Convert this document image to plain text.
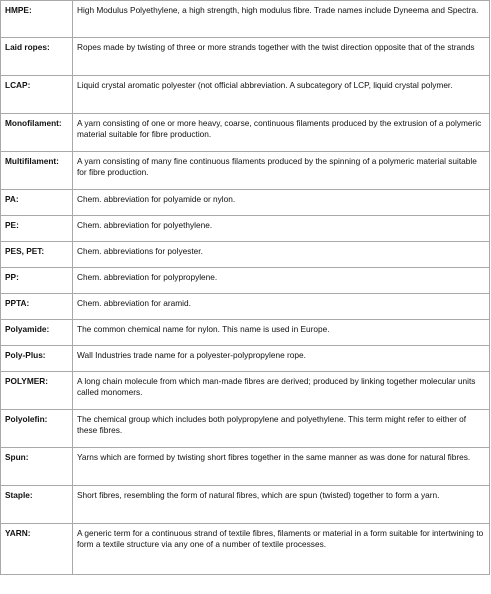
HMPE:	High Modulus Polyethylene, a high strength, high modulus fibre. Trade names include Dyneema and Spectra.
Laid ropes:	Ropes made by twisting of three or more strands together with the twist direction opposite that of the strands
LCAP:	Liquid crystal aromatic polyester (not official abbreviation. A subcategory of LCP, liquid crystal polymer.
Monofilament:	A yarn consisting of one or more heavy, coarse, continuous filaments produced by the extrusion of a polymeric material suitable for fibre production.
Multifilament:	A yarn consisting of many fine continuous filaments produced by the spinning of a polymeric material suitable for fibre production.
PA:	Chem. abbreviation for polyamide or nylon.
PE:	Chem. abbreviation for polyethylene.
PES, PET:	Chem. abbreviations for polyester.
PP:	Chem. abbreviation for polypropylene.
PPTA:	Chem. abbreviation for aramid.
Polyamide:	The common chemical name for nylon. This name is used in Europe.
Poly-Plus:	Wall Industries trade name for a polyester-polypropylene rope.
POLYMER:	A long chain molecule from which man-made fibres are derived; produced by linking together molecular units called monomers.
Polyolefin:	The chemical group which includes both polypropylene and polyethylene. This term might refer to either of these fibres.
Spun:	Yarns which are formed by twisting short fibres together in the same manner as was done for natural fibres.
Staple:	Short fibres, resembling the form of natural fibres, which are spun (twisted) together to form a yarn.
YARN:	A generic term for a continuous strand of textile fibres, filaments or material in a form suitable for intertwining to form a textile structure via any one of a number of textile processes.
